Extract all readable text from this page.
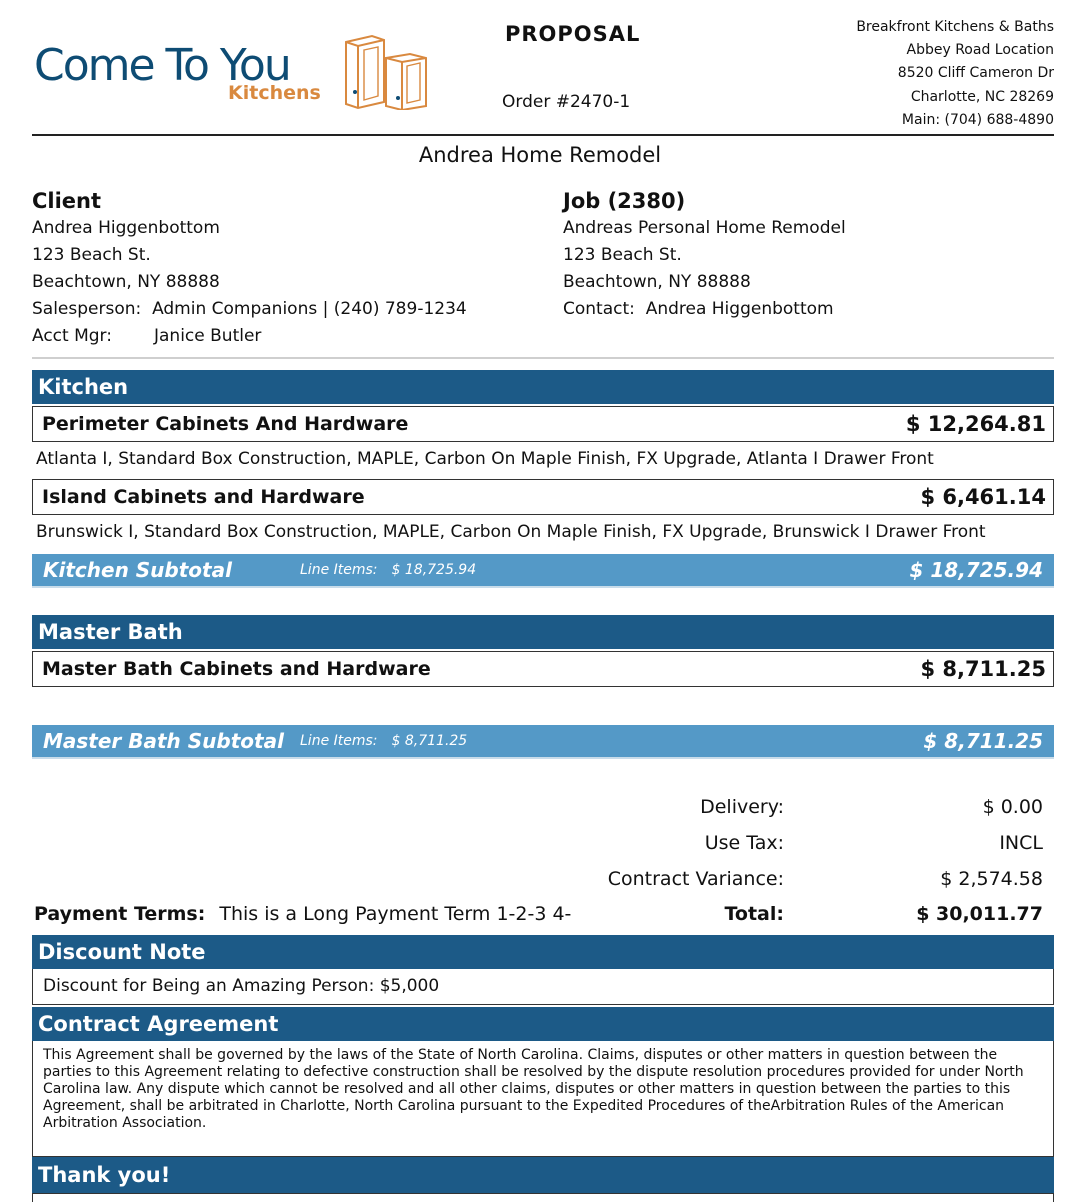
Come To You
Kitchens
PROPOSAL
Order #2470-1
Breakfront Kitchens & Baths
Abbey Road Location
8520 Cliff Cameron Dr
Charlotte, NC 28269
Main: (704) 688-4890
Andrea Home Remodel
Client
Andrea Higgenbottom
123 Beach St.
Beachtown, NY 88888
Salesperson: Admin Companions | (240) 789-1234
Acct Mgr: Janice Butler
Job (2380)
Andreas Personal Home Remodel
123 Beach St.
Beachtown, NY 88888
Contact: Andrea Higgenbottom
Kitchen
Perimeter Cabinets And Hardware	$ 12,264.81
Atlanta I, Standard Box Construction, MAPLE, Carbon On Maple Finish, FX Upgrade, Atlanta I Drawer Front
Island Cabinets and Hardware	$ 6,461.14
Brunswick I, Standard Box Construction, MAPLE, Carbon On Maple Finish, FX Upgrade, Brunswick I Drawer Front
Kitchen Subtotal	Line Items: $ 18,725.94	$ 18,725.94
Master Bath
Master Bath Cabinets and Hardware	$ 8,711.25
Master Bath Subtotal Line Items: $ 8,711.25	$ 8,711.25
Delivery:	$ 0.00
Use Tax:	INCL
Contract Variance:	$ 2,574.58
Payment Terms: This is a Long Payment Term 1-2-3 4-	Total:	$ 30,011.77
Discount Note
Discount for Being an Amazing Person: $5,000
Contract Agreement
This Agreement shall be governed by the laws of the State of North Carolina. Claims, disputes or other matters in question between the parties to this Agreement relating to defective construction shall be resolved by the dispute resolution procedures provided for under North Carolina law. Any dispute which cannot be resolved and all other claims, disputes or other matters in question between the parties to this Agreement, shall be arbitrated in Charlotte, North Carolina pursuant to the Expedited Procedures of theArbitration Rules of the American Arbitration Association.
Thank you!
